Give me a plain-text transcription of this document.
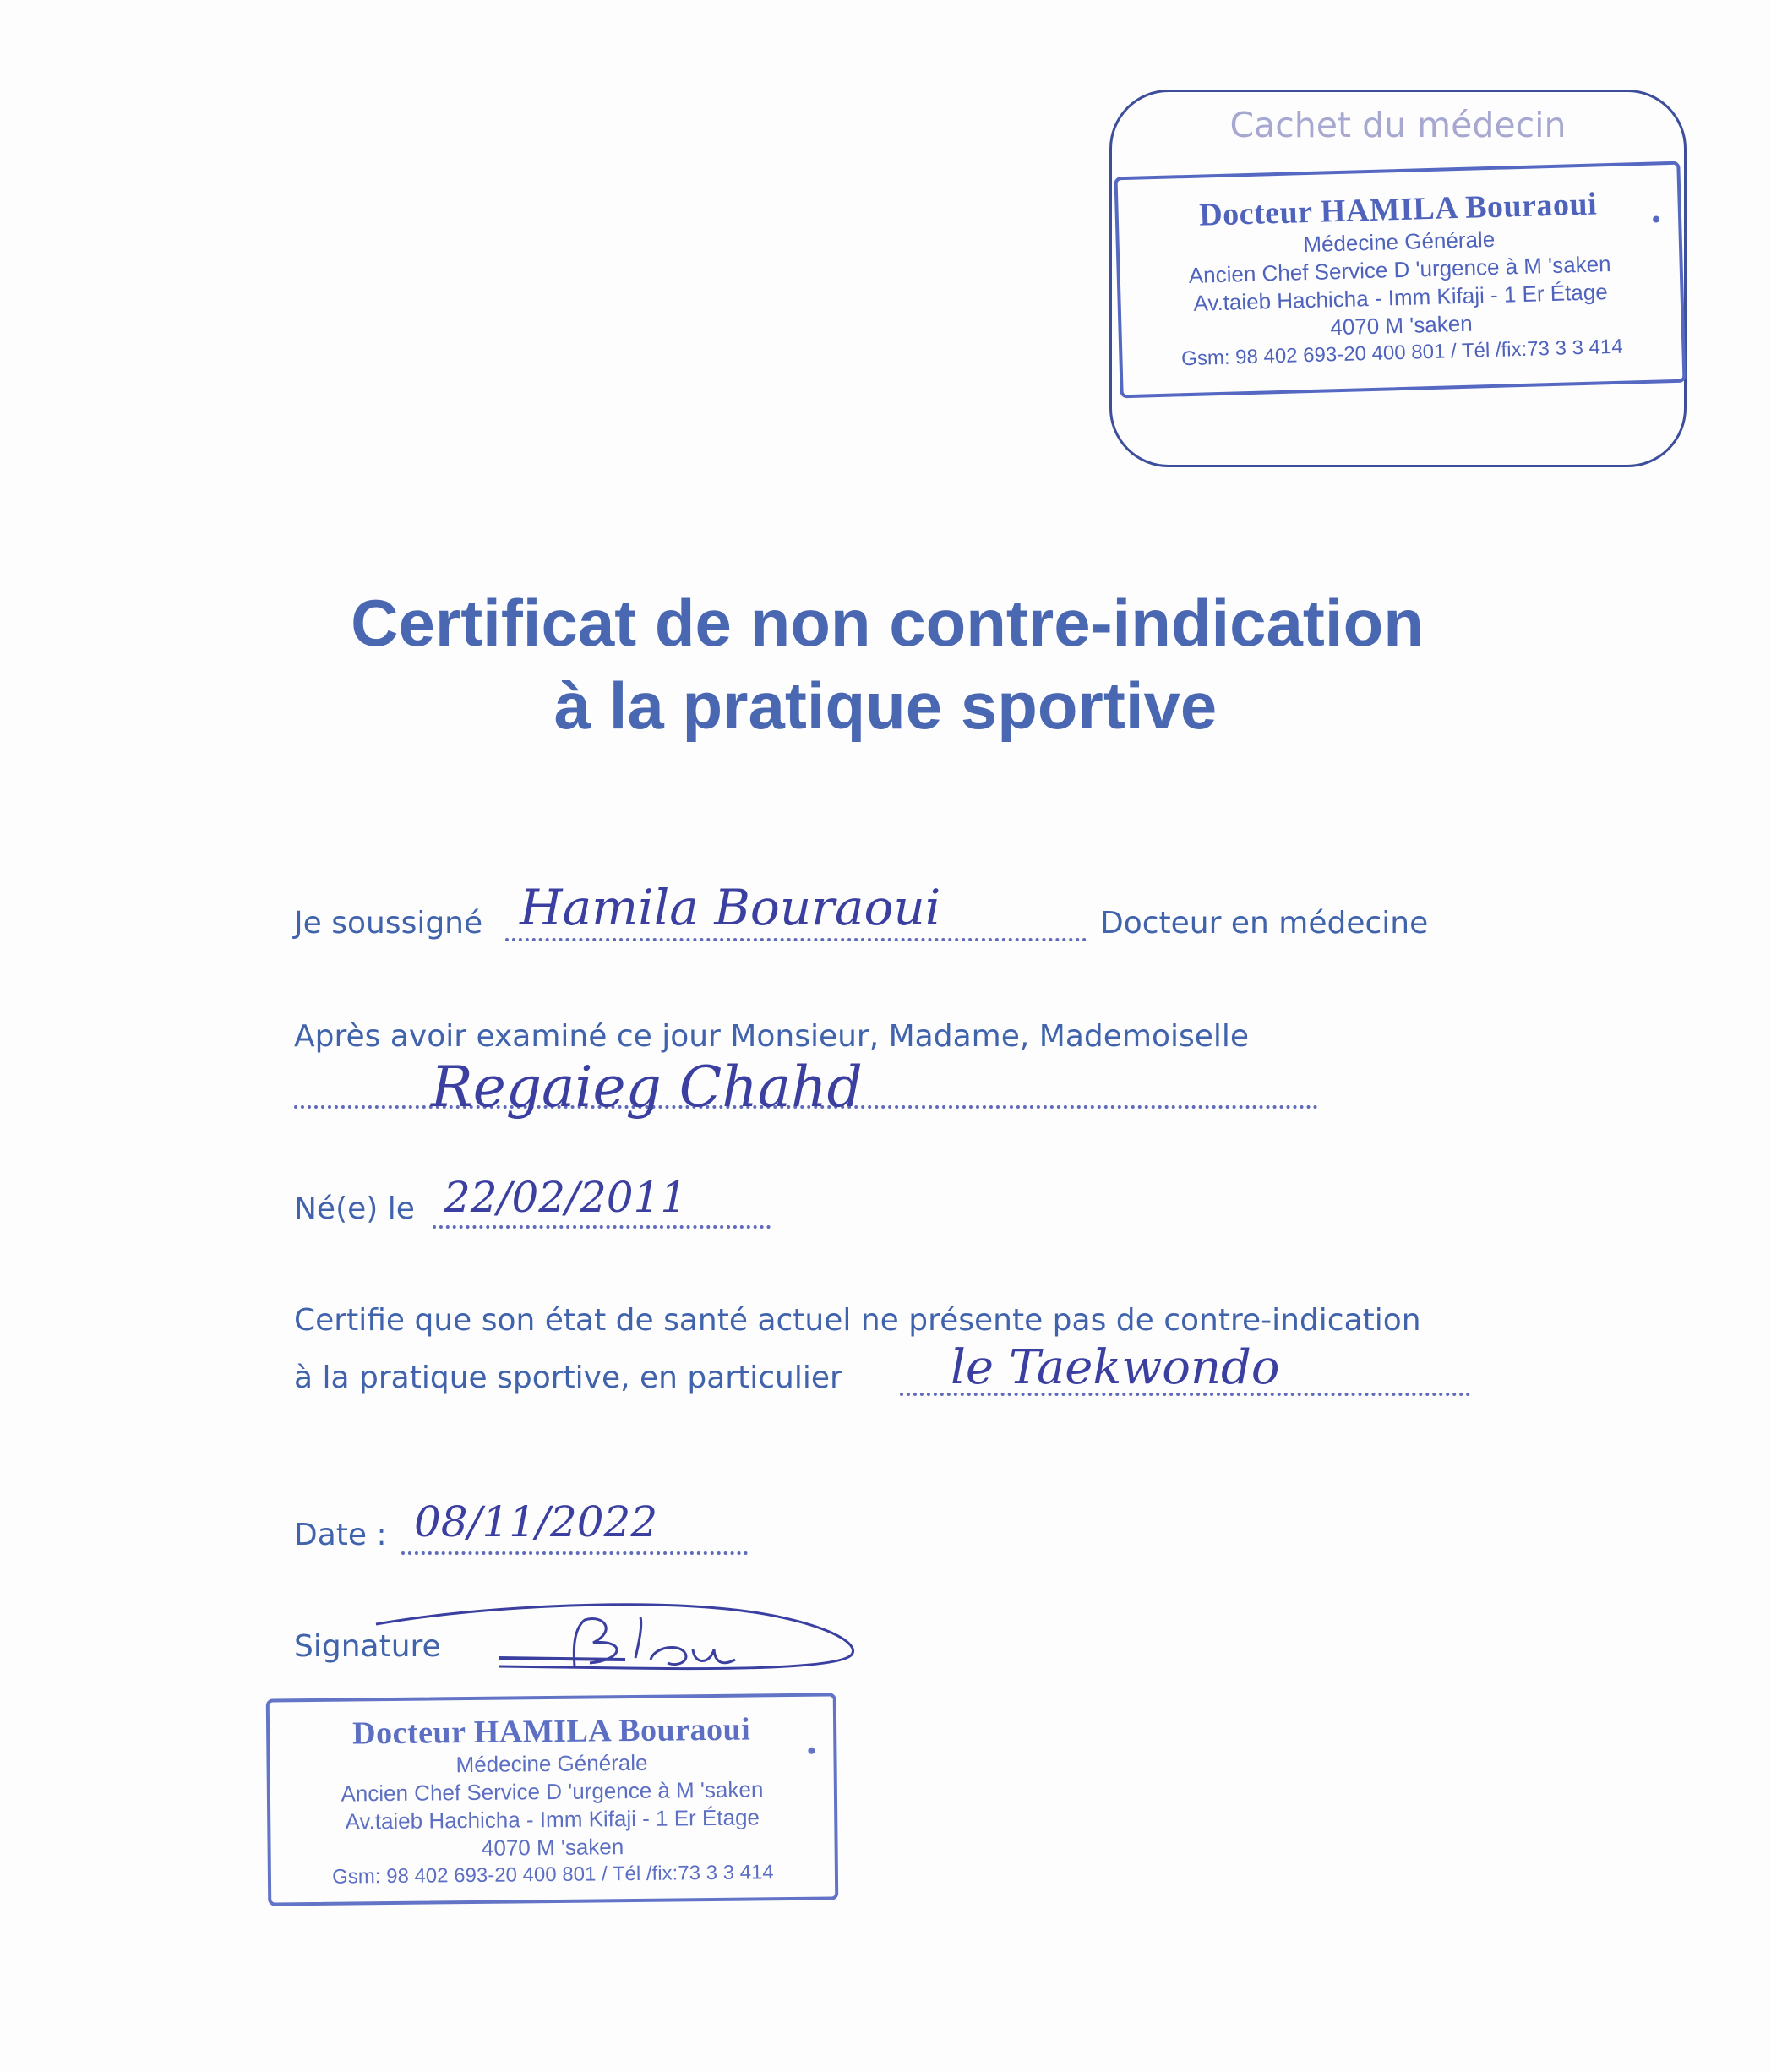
Cachet du médecin
Docteur HAMILA Bouraoui
Médecine Générale
Ancien Chef Service D 'urgence à M 'saken
Av.taieb Hachicha - Imm Kifaji - 1 Er Étage
4070 M 'saken
Gsm: 98 402 693-20 400 801 / Tél /fix:73 3 3 414
Certificat de non contre-indication
à la pratique sportive
Je soussigné Hamila Bouraoui	Docteur en médecine
Après avoir examiné ce jour Monsieur, Madame, Mademoiselle
Regaieg Chahd
Né(e) le 22/02/2011
Certifie que son état de santé actuel ne présente pas de contre-indication
à la pratique sportive, en particulier le Taekwondo
Date : 08/11/2022
Signature
Docteur HAMILA Bouraoui
Médecine Générale
Ancien Chef Service D 'urgence à M 'saken
Av.taieb Hachicha - Imm Kifaji - 1 Er Étage
4070 M 'saken
Gsm: 98 402 693-20 400 801 / Tél /fix:73 3 3 414
